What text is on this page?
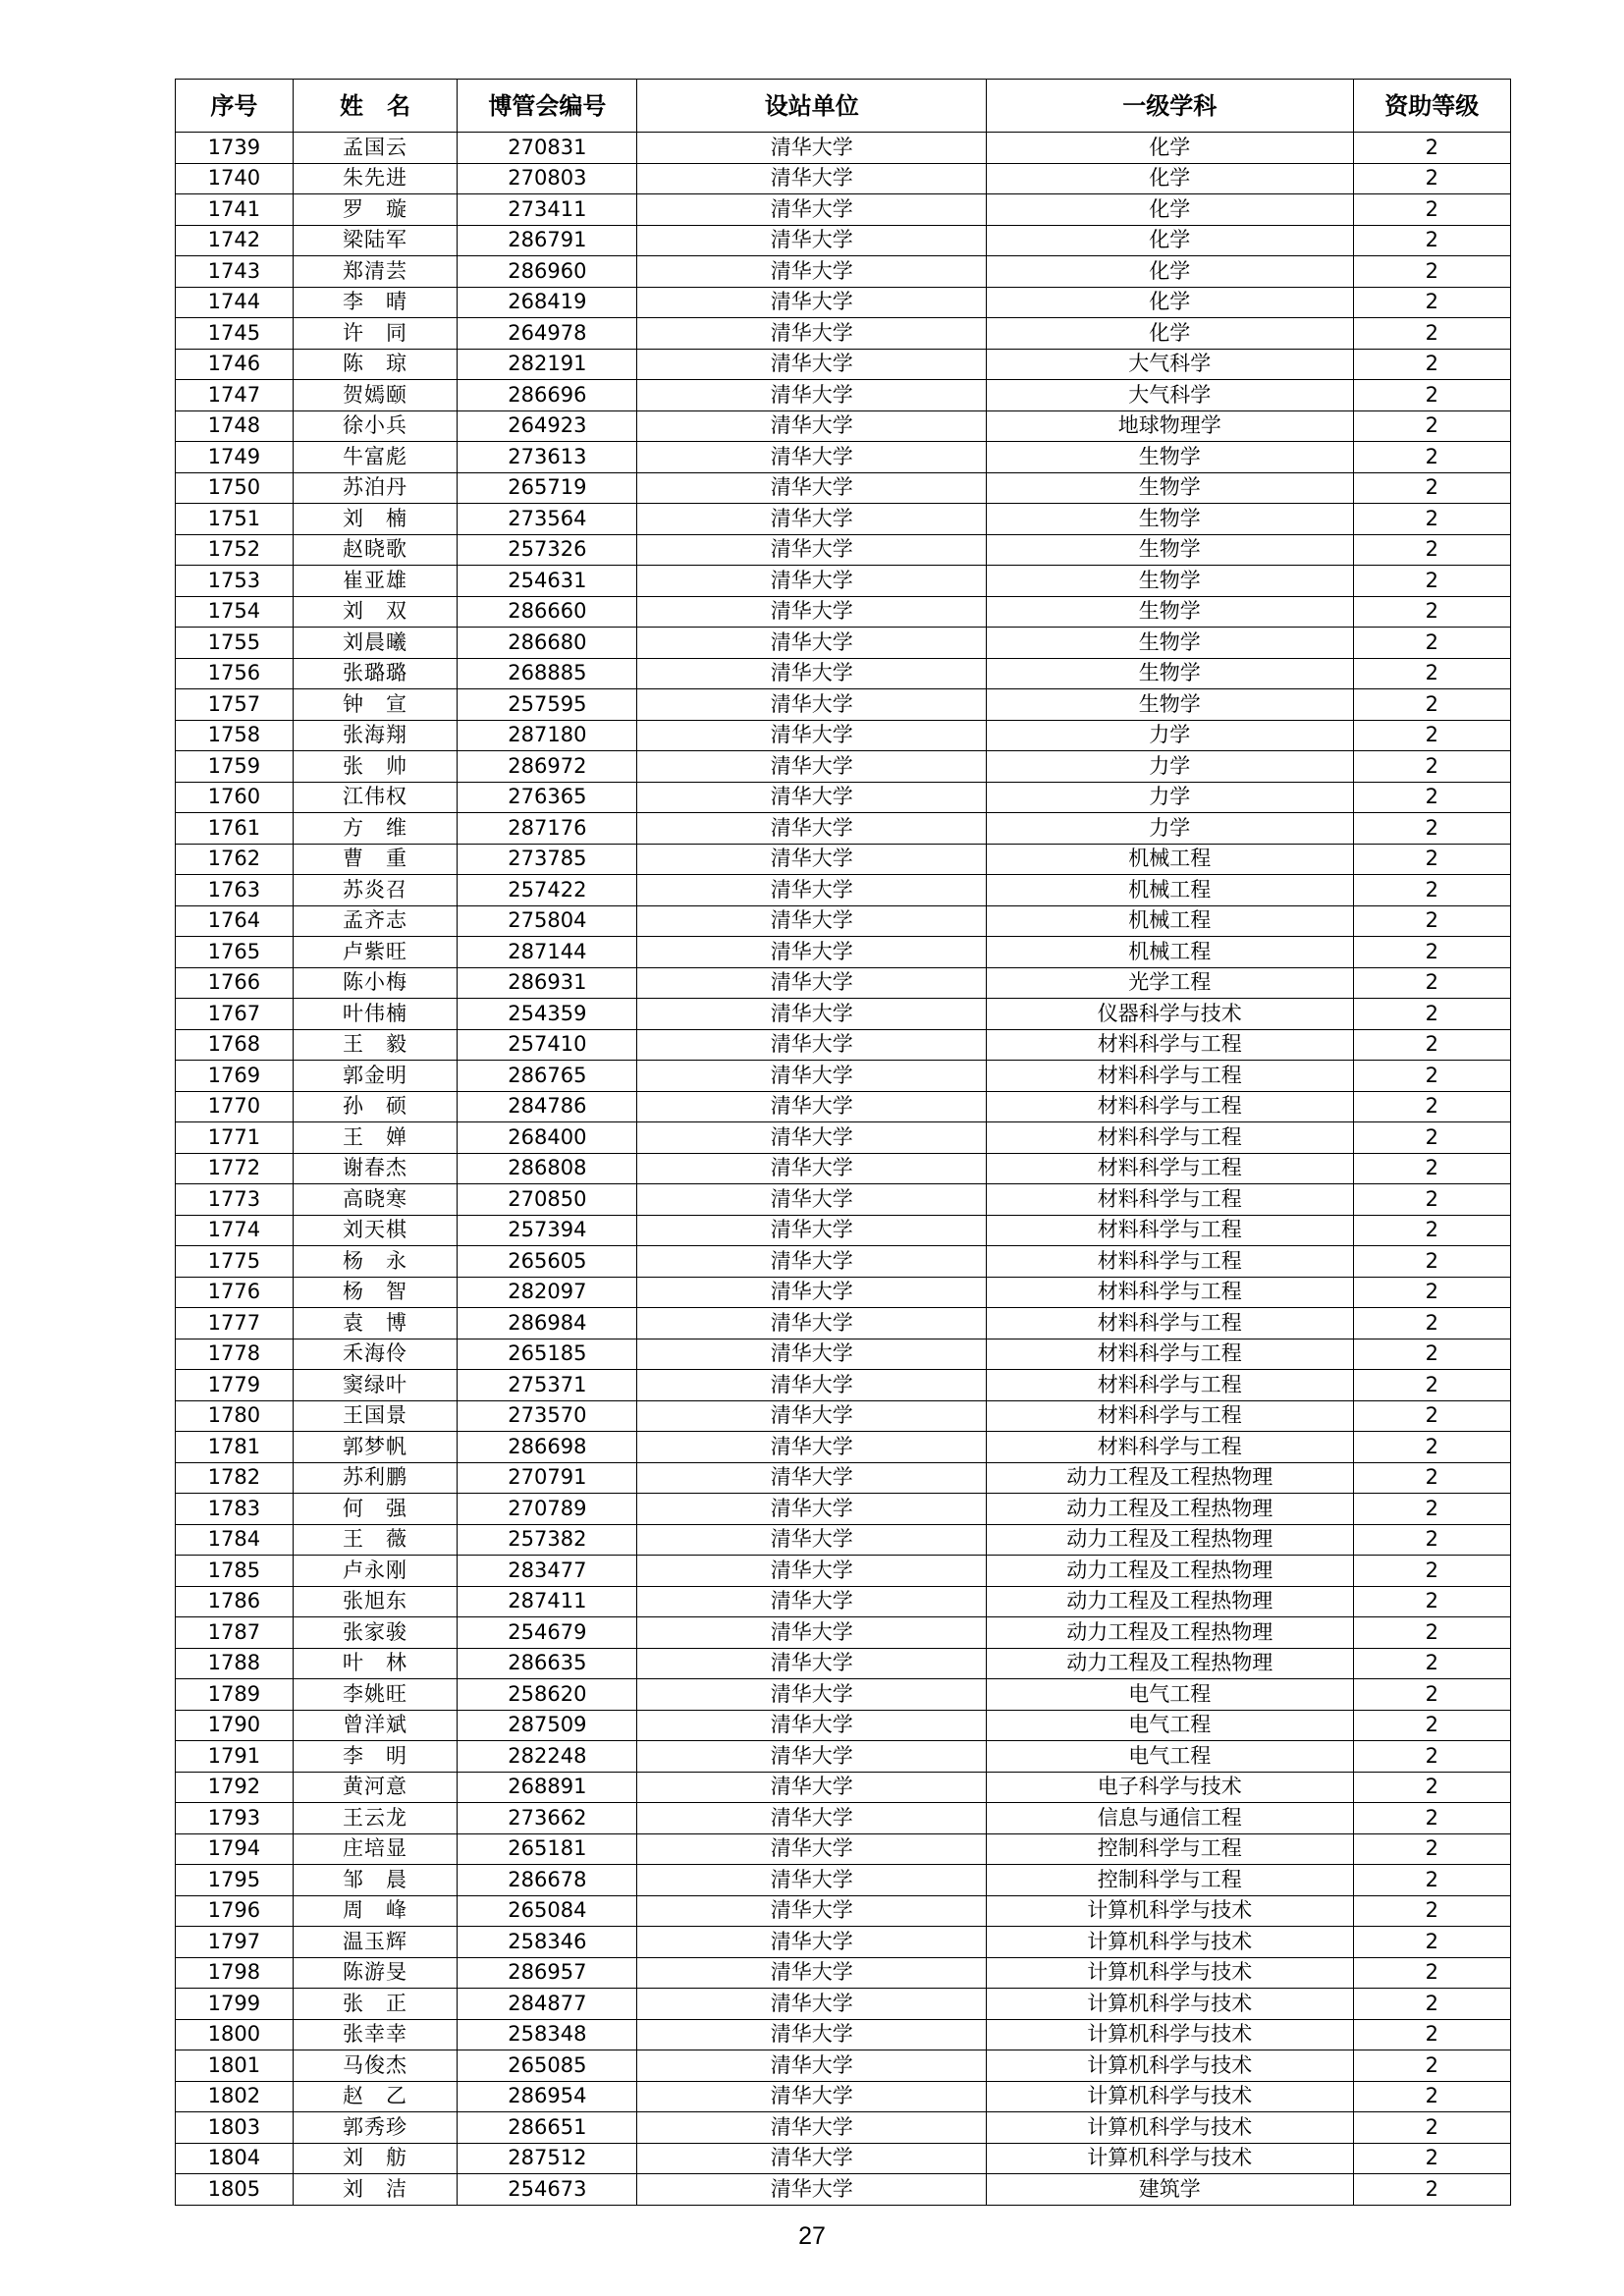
序号	姓　名	博管会编号	设站单位	一级学科	资助等级
1739	孟国云	270831	清华大学	化学	2
1740	朱先进	270803	清华大学	化学	2
1741	罗　璇	273411	清华大学	化学	2
1742	梁陆军	286791	清华大学	化学	2
1743	郑清芸	286960	清华大学	化学	2
1744	李　晴	268419	清华大学	化学	2
1745	许　同	264978	清华大学	化学	2
1746	陈　琼	282191	清华大学	大气科学	2
1747	贺嫣颐	286696	清华大学	大气科学	2
1748	徐小兵	264923	清华大学	地球物理学	2
1749	牛富彪	273613	清华大学	生物学	2
1750	苏泊丹	265719	清华大学	生物学	2
1751	刘　楠	273564	清华大学	生物学	2
1752	赵晓歌	257326	清华大学	生物学	2
1753	崔亚雄	254631	清华大学	生物学	2
1754	刘　双	286660	清华大学	生物学	2
1755	刘晨曦	286680	清华大学	生物学	2
1756	张璐璐	268885	清华大学	生物学	2
1757	钟　宣	257595	清华大学	生物学	2
1758	张海翔	287180	清华大学	力学	2
1759	张　帅	286972	清华大学	力学	2
1760	江伟权	276365	清华大学	力学	2
1761	方　维	287176	清华大学	力学	2
1762	曹　重	273785	清华大学	机械工程	2
1763	苏炎召	257422	清华大学	机械工程	2
1764	孟齐志	275804	清华大学	机械工程	2
1765	卢紫旺	287144	清华大学	机械工程	2
1766	陈小梅	286931	清华大学	光学工程	2
1767	叶伟楠	254359	清华大学	仪器科学与技术	2
1768	王　毅	257410	清华大学	材料科学与工程	2
1769	郭金明	286765	清华大学	材料科学与工程	2
1770	孙　硕	284786	清华大学	材料科学与工程	2
1771	王　婵	268400	清华大学	材料科学与工程	2
1772	谢春杰	286808	清华大学	材料科学与工程	2
1773	高晓寒	270850	清华大学	材料科学与工程	2
1774	刘天棋	257394	清华大学	材料科学与工程	2
1775	杨　永	265605	清华大学	材料科学与工程	2
1776	杨　智	282097	清华大学	材料科学与工程	2
1777	袁　博	286984	清华大学	材料科学与工程	2
1778	禾海伶	265185	清华大学	材料科学与工程	2
1779	窦绿叶	275371	清华大学	材料科学与工程	2
1780	王国景	273570	清华大学	材料科学与工程	2
1781	郭梦帆	286698	清华大学	材料科学与工程	2
1782	苏利鹏	270791	清华大学	动力工程及工程热物理	2
1783	何　强	270789	清华大学	动力工程及工程热物理	2
1784	王　薇	257382	清华大学	动力工程及工程热物理	2
1785	卢永刚	283477	清华大学	动力工程及工程热物理	2
1786	张旭东	287411	清华大学	动力工程及工程热物理	2
1787	张家骏	254679	清华大学	动力工程及工程热物理	2
1788	叶　林	286635	清华大学	动力工程及工程热物理	2
1789	李姚旺	258620	清华大学	电气工程	2
1790	曾洋斌	287509	清华大学	电气工程	2
1791	李　明	282248	清华大学	电气工程	2
1792	黄河意	268891	清华大学	电子科学与技术	2
1793	王云龙	273662	清华大学	信息与通信工程	2
1794	庄培显	265181	清华大学	控制科学与工程	2
1795	邹　晨	286678	清华大学	控制科学与工程	2
1796	周　峰	265084	清华大学	计算机科学与技术	2
1797	温玉辉	258346	清华大学	计算机科学与技术	2
1798	陈游旻	286957	清华大学	计算机科学与技术	2
1799	张　正	284877	清华大学	计算机科学与技术	2
1800	张幸幸	258348	清华大学	计算机科学与技术	2
1801	马俊杰	265085	清华大学	计算机科学与技术	2
1802	赵　乙	286954	清华大学	计算机科学与技术	2
1803	郭秀珍	286651	清华大学	计算机科学与技术	2
1804	刘　舫	287512	清华大学	计算机科学与技术	2
1805	刘　洁	254673	清华大学	建筑学	2
27
